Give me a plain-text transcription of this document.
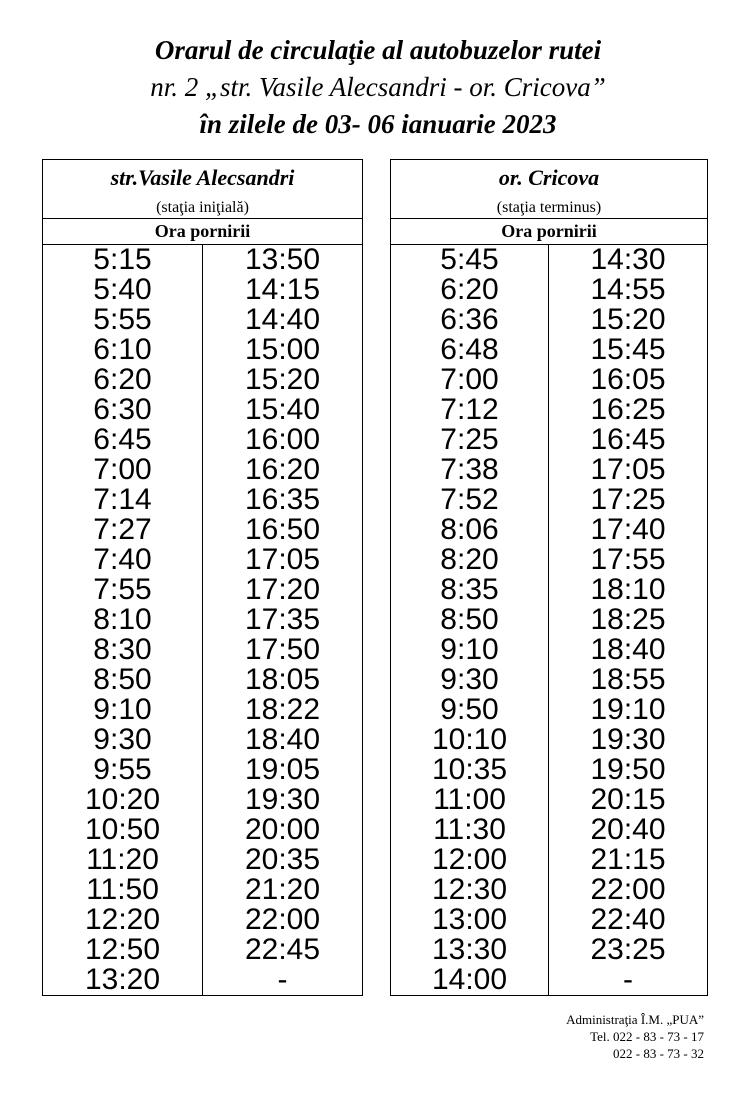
Orarul de circulaţie al autobuzelor rutei
nr. 2 „str. Vasile Alecsandri - or. Cricova”
în zilele de 03- 06 ianuarie 2023
str.Vasile Alecsandri
(staţia iniţială)	

Ora pornirii	
5:15	13:50
5:40	14:15
5:55	14:40
6:10	15:00
6:20	15:20
6:30	15:40
6:45	16:00
7:00	16:20
7:14	16:35
7:27	16:50
7:40	17:05
7:55	17:20
8:10	17:35
8:30	17:50
8:50	18:05
9:10	18:22
9:30	18:40
9:55	19:05
10:20	19:30
10:50	20:00
11:20	20:35
11:50	21:20
12:20	22:00
12:50	22:45
13:20	-
or. Cricova
(staţia terminus)	

Ora pornirii	
5:45	14:30
6:20	14:55
6:36	15:20
6:48	15:45
7:00	16:05
7:12	16:25
7:25	16:45
7:38	17:05
7:52	17:25
8:06	17:40
8:20	17:55
8:35	18:10
8:50	18:25
9:10	18:40
9:30	18:55
9:50	19:10
10:10	19:30
10:35	19:50
11:00	20:15
11:30	20:40
12:00	21:15
12:30	22:00
13:00	22:40
13:30	23:25
14:00	-
Administraţia Î.M. „PUA”
Tel. 022 - 83 - 73 - 17
022 - 83 - 73 - 32
